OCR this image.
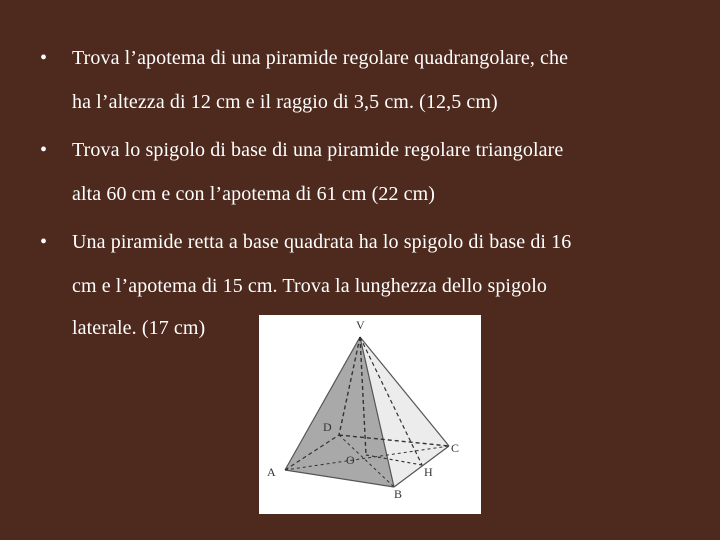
• Trova l’apotema di una piramide regolare quadrangolare, che
ha l’altezza di 12 cm e il raggio di 3,5 cm. (12,5 cm)
• Trova lo spigolo di base di una piramide regolare triangolare
alta 60 cm e con l’apotema di 61 cm (22 cm)
• Una piramide retta a base quadrata ha lo spigolo di base di 16
cm e l’apotema di 15 cm. Trova la lunghezza dello spigolo
laterale. (17 cm)	V
D
C
O
A	H
B
